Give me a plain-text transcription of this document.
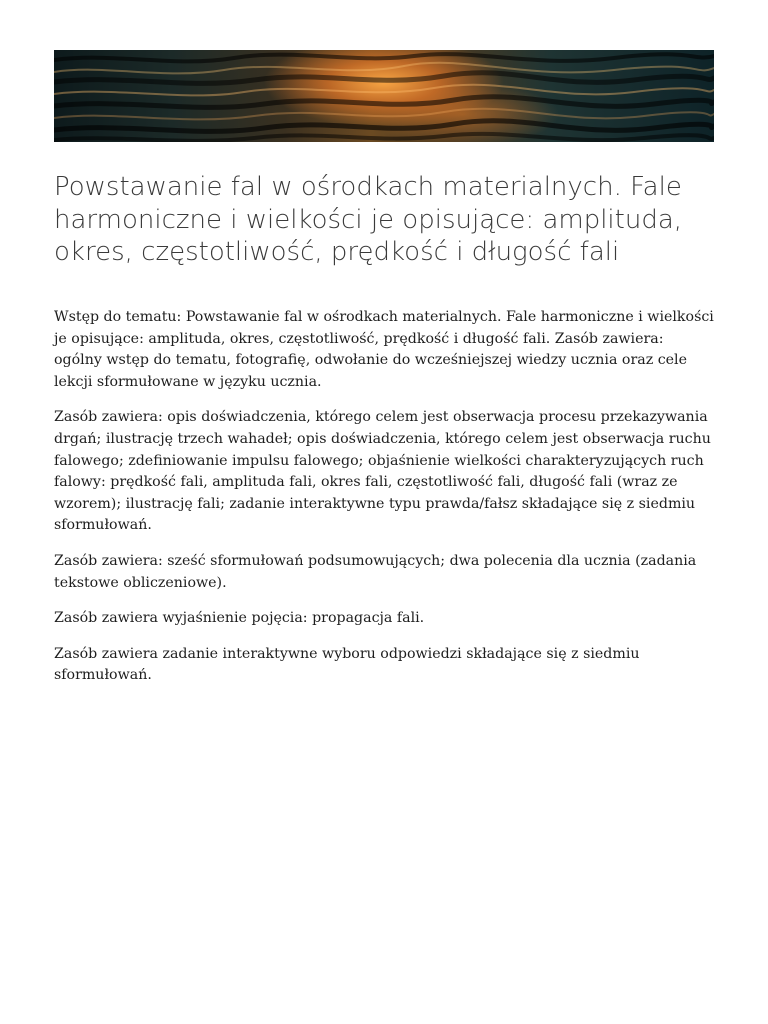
Powstawanie fal w ośrodkach materialnych. Fale harmoniczne i wielkości je opisujące: amplituda, okres, częstotliwość, prędkość i długość fali

Wstęp do tematu: Powstawanie fal w ośrodkach materialnych. Fale harmoniczne i wielkości je opisujące: amplituda, okres, częstotliwość, prędkość i długość fali. Zasób zawiera: ogólny wstęp do tematu, fotografię, odwołanie do wcześniejszej wiedzy ucznia oraz cele lekcji sformułowane w języku ucznia.

Zasób zawiera: opis doświadczenia, którego celem jest obserwacja procesu przekazywania drgań; ilustrację trzech wahadeł; opis doświadczenia, którego celem jest obserwacja ruchu falowego; zdefiniowanie impulsu falowego; objaśnienie wielkości charakteryzujących ruch falowy: prędkość fali, amplituda fali, okres fali, częstotliwość fali, długość fali (wraz ze wzorem); ilustrację fali; zadanie interaktywne typu prawda/fałsz składające się z siedmiu sformułowań.

Zasób zawiera: sześć sformułowań podsumowujących; dwa polecenia dla ucznia (zadania tekstowe obliczeniowe).

Zasób zawiera wyjaśnienie pojęcia: propagacja fali.

Zasób zawiera zadanie interaktywne wyboru odpowiedzi składające się z siedmiu sformułowań.
